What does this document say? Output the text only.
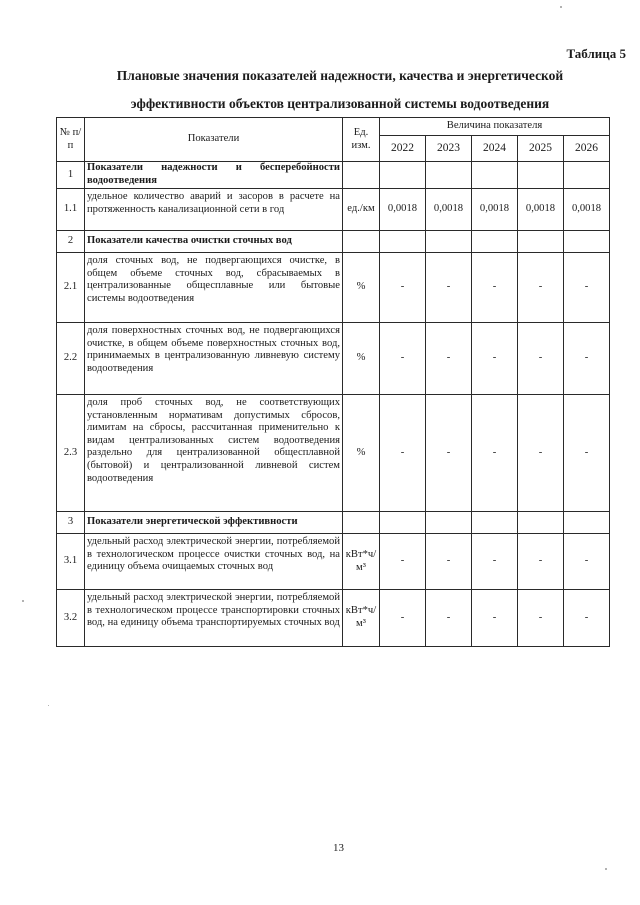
Таблица 5
Плановые значения показателей надежности, качества и энергетической
эффективности объектов централизованной системы водоотведения
№ п/п	Показатели	Ед. изм.	Величина показателя				
			2022	2023	2024	2025	2026
1	Показатели надежности и бесперебойности водоотведения						
1.1	удельное количество аварий и засоров в расчете на протяженность канализационной сети в год	ед./км	0,0018	0,0018	0,0018	0,0018	0,0018
2	Показатели качества очистки сточных вод						
2.1	доля сточных вод, не подвергающихся очистке, в общем объеме сточных вод, сбрасываемых в централизованные общесплавные или бытовые системы водоотведения	%	-	-	-	-	-
2.2	доля поверхностных сточных вод, не подвергающихся очистке, в общем объеме поверхностных сточных вод, принимаемых в централизованную ливневую систему водоотведения	%	-	-	-	-	-
2.3	доля проб сточных вод, не соответствующих установленным нормативам допустимых сбросов, лимитам на сбросы, рассчитанная применительно к видам централизованных систем водоотведения раздельно для централизованной общесплавной (бытовой) и централизованной ливневой систем водоотведения	%	-	-	-	-	-
3	Показатели энергетической эффективности						
3.1	удельный расход электрической энергии, потребляемой в технологическом процессе очистки сточных вод, на единицу объема очищаемых сточных вод	кВт*ч/м³	-	-	-	-	-
3.2	удельный расход электрической энергии, потребляемой в технологическом процессе транспортировки сточных вод, на единицу объема транспортируемых сточных вод	кВт*ч/м³	-	-	-	-	-
13
